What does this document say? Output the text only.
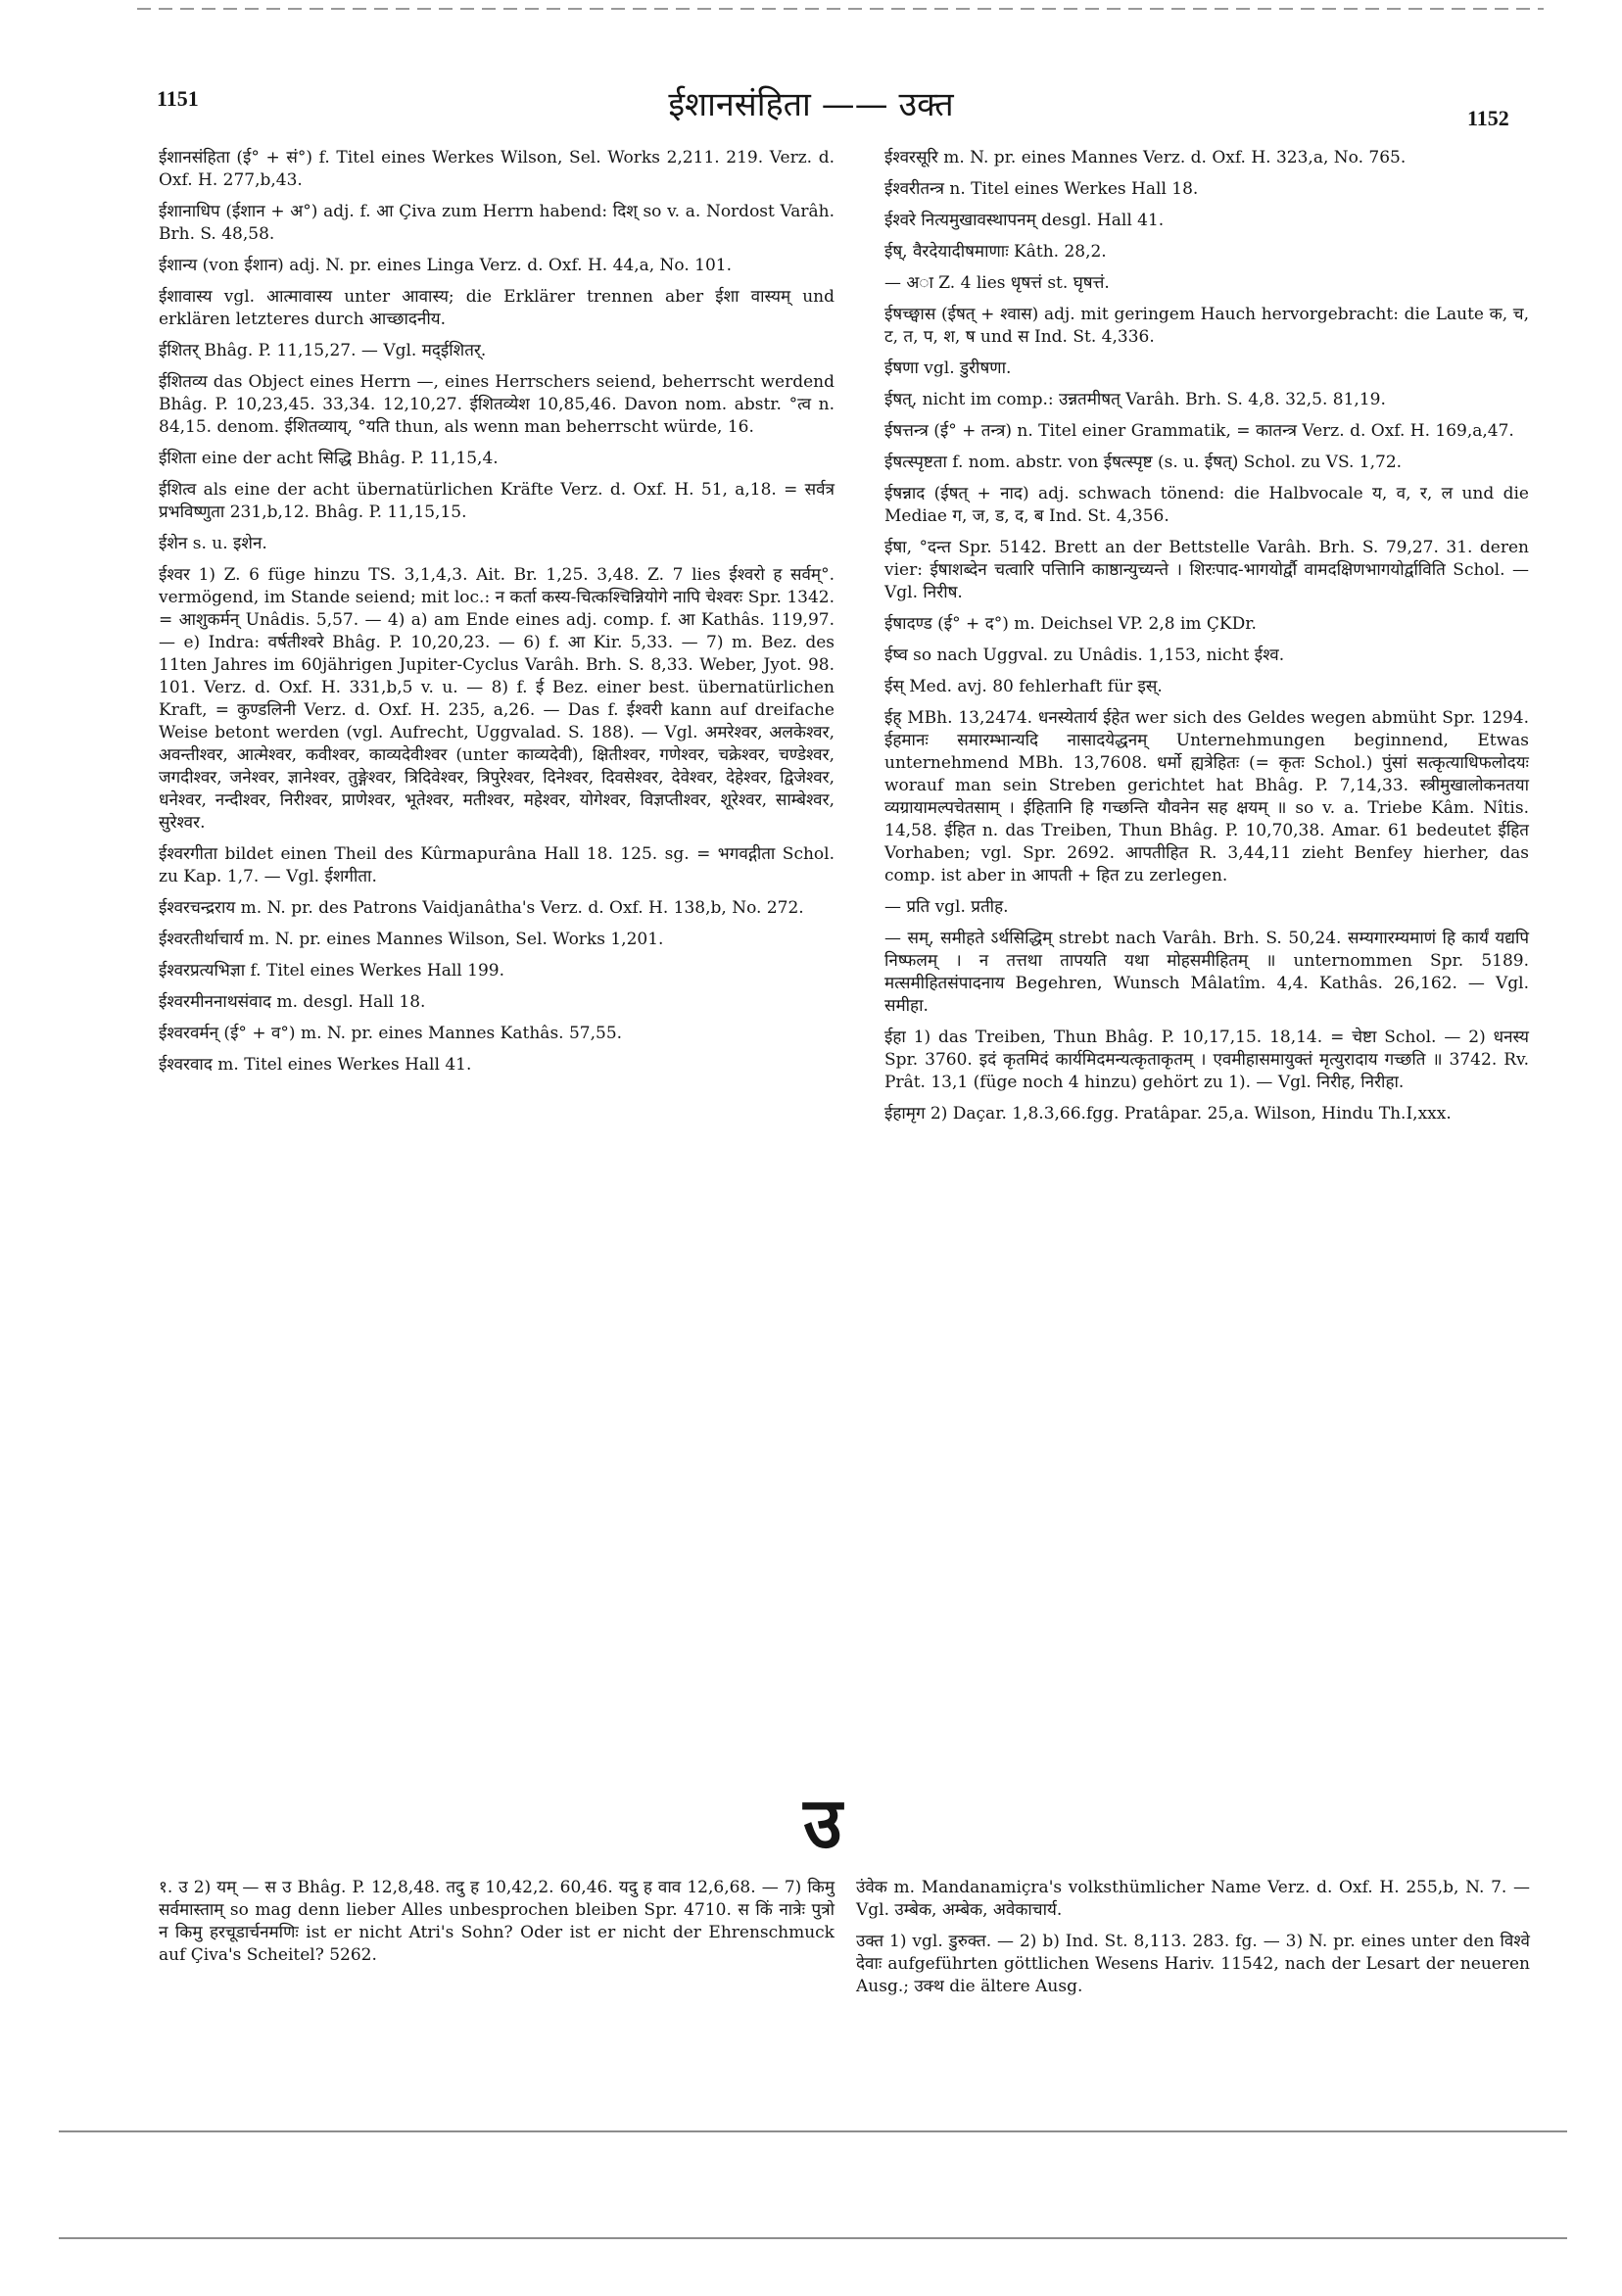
1151	ईशानसंहिता —— उक्त	1152

ईशानसंहिता (ई° + सं°) f. Titel eines Werkes Wilson, Sel. Works 2,211. 219. Verz. d. Oxf. H. 277,b,43.

ईशानाधिप (ईशान + अ°) adj. f. आ Çiva zum Herrn habend: दिश् so v. a. Nordost Varâh. Brh. S. 48,58.

ईशान्य (von ईशान) adj. N. pr. eines Linga Verz. d. Oxf. H. 44,a, No. 101.

ईशावास्य vgl. आत्मावास्य unter आवास्य; die Erklärer trennen aber ईशा वास्यम् und erklären letzteres durch आच्छादनीय.

ईशितर् Bhâg. P. 11,15,27. — Vgl. मद्ईशितर्.

ईशितव्य das Object eines Herrn —, eines Herrschers seiend, beherrscht werdend Bhâg. P. 10,23,45. 33,34. 12,10,27. ईशितव्येश 10,85,46. Davon nom. abstr. °त्व n. 84,15. denom. ईशितव्याय्, °यति thun, als wenn man beherrscht würde, 16.

ईशिता eine der acht सिद्धि Bhâg. P. 11,15,4.

ईशित्व als eine der acht übernatürlichen Kräfte Verz. d. Oxf. H. 51, a,18. = सर्वत्र प्रभविष्णुता 231,b,12. Bhâg. P. 11,15,15.

ईशेन s. u. इशेन.

ईश्वर 1) Z. 6 füge hinzu TS. 3,1,4,3. Ait. Br. 1,25. 3,48. Z. 7 lies ईश्वरो ह सर्वम्°. vermögend, im Stande seiend; mit loc.: न कर्ता कस्य-चित्कश्चिन्नियोगे नापि चेश्वरः Spr. 1342. = आशुकर्मन् Unâdis. 5,57. — 4) a) am Ende eines adj. comp. f. आ Kathâs. 119,97. — e) Indra: वर्षतीश्वरे Bhâg. P. 10,20,23. — 6) f. आ Kir. 5,33. — 7) m. Bez. des 11ten Jahres im 60jährigen Jupiter-Cyclus Varâh. Brh. S. 8,33. Weber, Jyot. 98. 101. Verz. d. Oxf. H. 331,b,5 v. u. — 8) f. ई Bez. einer best. übernatürlichen Kraft, = कुण्डलिनी Verz. d. Oxf. H. 235, a,26. — Das f. ईश्वरी kann auf dreifache Weise betont werden (vgl. Aufrecht, Uggvalad. S. 188). — Vgl. अमरेश्वर, अलकेश्वर, अवन्तीश्वर, आत्मेश्वर, कवीश्वर, काव्यदेवीश्वर (unter काव्यदेवी), क्षितीश्वर, गणेश्वर, चक्रेश्वर, चण्डेश्वर, जगदीश्वर, जनेश्वर, ज्ञानेश्वर, तुङ्गेश्वर, त्रिदिवेश्वर, त्रिपुरेश्वर, दिनेश्वर, दिवसेश्वर, देवेश्वर, देहेश्वर, द्विजेश्वर, धनेश्वर, नन्दीश्वर, निरीश्वर, प्राणेश्वर, भूतेश्वर, मतीश्वर, महेश्वर, योगेश्वर, विज्ञप्तीश्वर, शूरेश्वर, साम्बेश्वर, सुरेश्वर.

ईश्वरगीता bildet einen Theil des Kûrmapurâna Hall 18. 125. sg. = भगवद्गीता Schol. zu Kap. 1,7. — Vgl. ईशगीता.

ईश्वरचन्द्रराय m. N. pr. des Patrons Vaidjanâtha's Verz. d. Oxf. H. 138,b, No. 272.

ईश्वरतीर्थाचार्य m. N. pr. eines Mannes Wilson, Sel. Works 1,201.

ईश्वरप्रत्यभिज्ञा f. Titel eines Werkes Hall 199.

ईश्वरमीननाथसंवाद m. desgl. Hall 18.

ईश्वरवर्मन् (ई° + व°) m. N. pr. eines Mannes Kathâs. 57,55.

ईश्वरवाद m. Titel eines Werkes Hall 41.

ईश्वरसूरि m. N. pr. eines Mannes Verz. d. Oxf. H. 323,a, No. 765.

ईश्वरीतन्त्र n. Titel eines Werkes Hall 18.

ईश्वरे नित्यमुखावस्थापनम् desgl. Hall 41.

ईष्, वैरदेयादीषमाणाः Kâth. 28,2.

— अा Z. 4 lies धृषत्तं st. घृषत्तं.

ईषच्छ्वास (ईषत् + श्वास) adj. mit geringem Hauch hervorgebracht: die Laute क, च, ट, त, प, श, ष und स Ind. St. 4,336.

ईषणा vgl. डुरीषणा.

ईषत्, nicht im comp.: उन्नतमीषत् Varâh. Brh. S. 4,8. 32,5. 81,19.

ईषत्तन्त्र (ई° + तन्त्र) n. Titel einer Grammatik, = कातन्त्र Verz. d. Oxf. H. 169,a,47.

ईषत्स्पृष्टता f. nom. abstr. von ईषत्स्पृष्ट (s. u. ईषत्) Schol. zu VS. 1,72.

ईषन्नाद (ईषत् + नाद) adj. schwach tönend: die Halbvocale य, व, र, ल und die Mediae ग, ज, ड, द, ब Ind. St. 4,356.

ईषा, °दन्त Spr. 5142. Brett an der Bettstelle Varâh. Brh. S. 79,27. 31. deren vier: ईषाशब्देन चत्वारि पत्तिानि काष्ठान्युच्यन्ते । शिरःपाद-भागयोर्द्वौ वामदक्षिणभागयोर्द्वाविति Schol. — Vgl. निरीष.

ईषादण्ड (ई° + द°) m. Deichsel VP. 2,8 im ÇKDr.

ईष्व so nach Uggval. zu Unâdis. 1,153, nicht ईश्व.

ईस् Med. avj. 80 fehlerhaft für इस्.

ईह् MBh. 13,2474. धनस्येतार्य ईहेत wer sich des Geldes wegen abmüht Spr. 1294. ईहमानः समारम्भान्यदि नासादयेद्धनम् Unternehmungen beginnend, Etwas unternehmend MBh. 13,7608. धर्मो ह्यत्रेहितः (= कृतः Schol.) पुंसां सत्कृत्याधिफलोदयः worauf man sein Streben gerichtet hat Bhâg. P. 7,14,33. स्त्रीमुखालोकनतया व्यग्रायामल्पचेतसाम् । ईहितानि हि गच्छन्ति यौवनेन सह क्षयम् ॥ so v. a. Triebe Kâm. Nîtis. 14,58. ईहित n. das Treiben, Thun Bhâg. P. 10,70,38. Amar. 61 bedeutet ईहित Vorhaben; vgl. Spr. 2692. आपतीहित R. 3,44,11 zieht Benfey hierher, das comp. ist aber in आपती + हित zu zerlegen.

— प्रति vgl. प्रतीह.

— सम्, समीहते ऽर्थसिद्धिम् strebt nach Varâh. Brh. S. 50,24. सम्यगारम्यमाणं हि कार्यं यद्यपि निष्फलम् । न तत्तथा तापयति यथा मोहसमीहितम् ॥ unternommen Spr. 5189. मत्समीहितसंपादनाय Begehren, Wunsch Mâlatîm. 4,4. Kathâs. 26,162. — Vgl. समीहा.

ईहा 1) das Treiben, Thun Bhâg. P. 10,17,15. 18,14. = चेष्टा Schol. — 2) धनस्य Spr. 3760. इदं कृतमिदं कार्यमिदमन्यत्कृताकृतम् । एवमीहासमायुक्तं मृत्युरादाय गच्छति ॥ 3742. Rv. Prât. 13,1 (füge noch 4 hinzu) gehört zu 1). — Vgl. निरीह, निरीहा.

ईहामृग 2) Daçar. 1,8.3,66.fgg. Pratâpar. 25,a. Wilson, Hindu Th.I,xxx.

उ

१. उ 2) यम् — स उ Bhâg. P. 12,8,48. तदु ह 10,42,2. 60,46. यदु ह वाव 12,6,68. — 7) किमु सर्वमास्ताम् so mag denn lieber Alles unbesprochen bleiben Spr. 4710. स किं नात्रेः पुत्रो न किमु हरचूडार्चनमणिः ist er nicht Atri's Sohn? Oder ist er nicht der Ehrenschmuck auf Çiva's Scheitel? 5262.

उंवेक m. Mandanamiçra's volksthümlicher Name Verz. d. Oxf. H. 255,b, N. 7. — Vgl. उम्बेक, अम्बेक, अवेकाचार्य.

उक्त 1) vgl. डुरुक्त. — 2) b) Ind. St. 8,113. 283. fg. — 3) N. pr. eines unter den विश्वे देवाः aufgeführten göttlichen Wesens Hariv. 11542, nach der Lesart der neueren Ausg.; उक्थ die ältere Ausg.
